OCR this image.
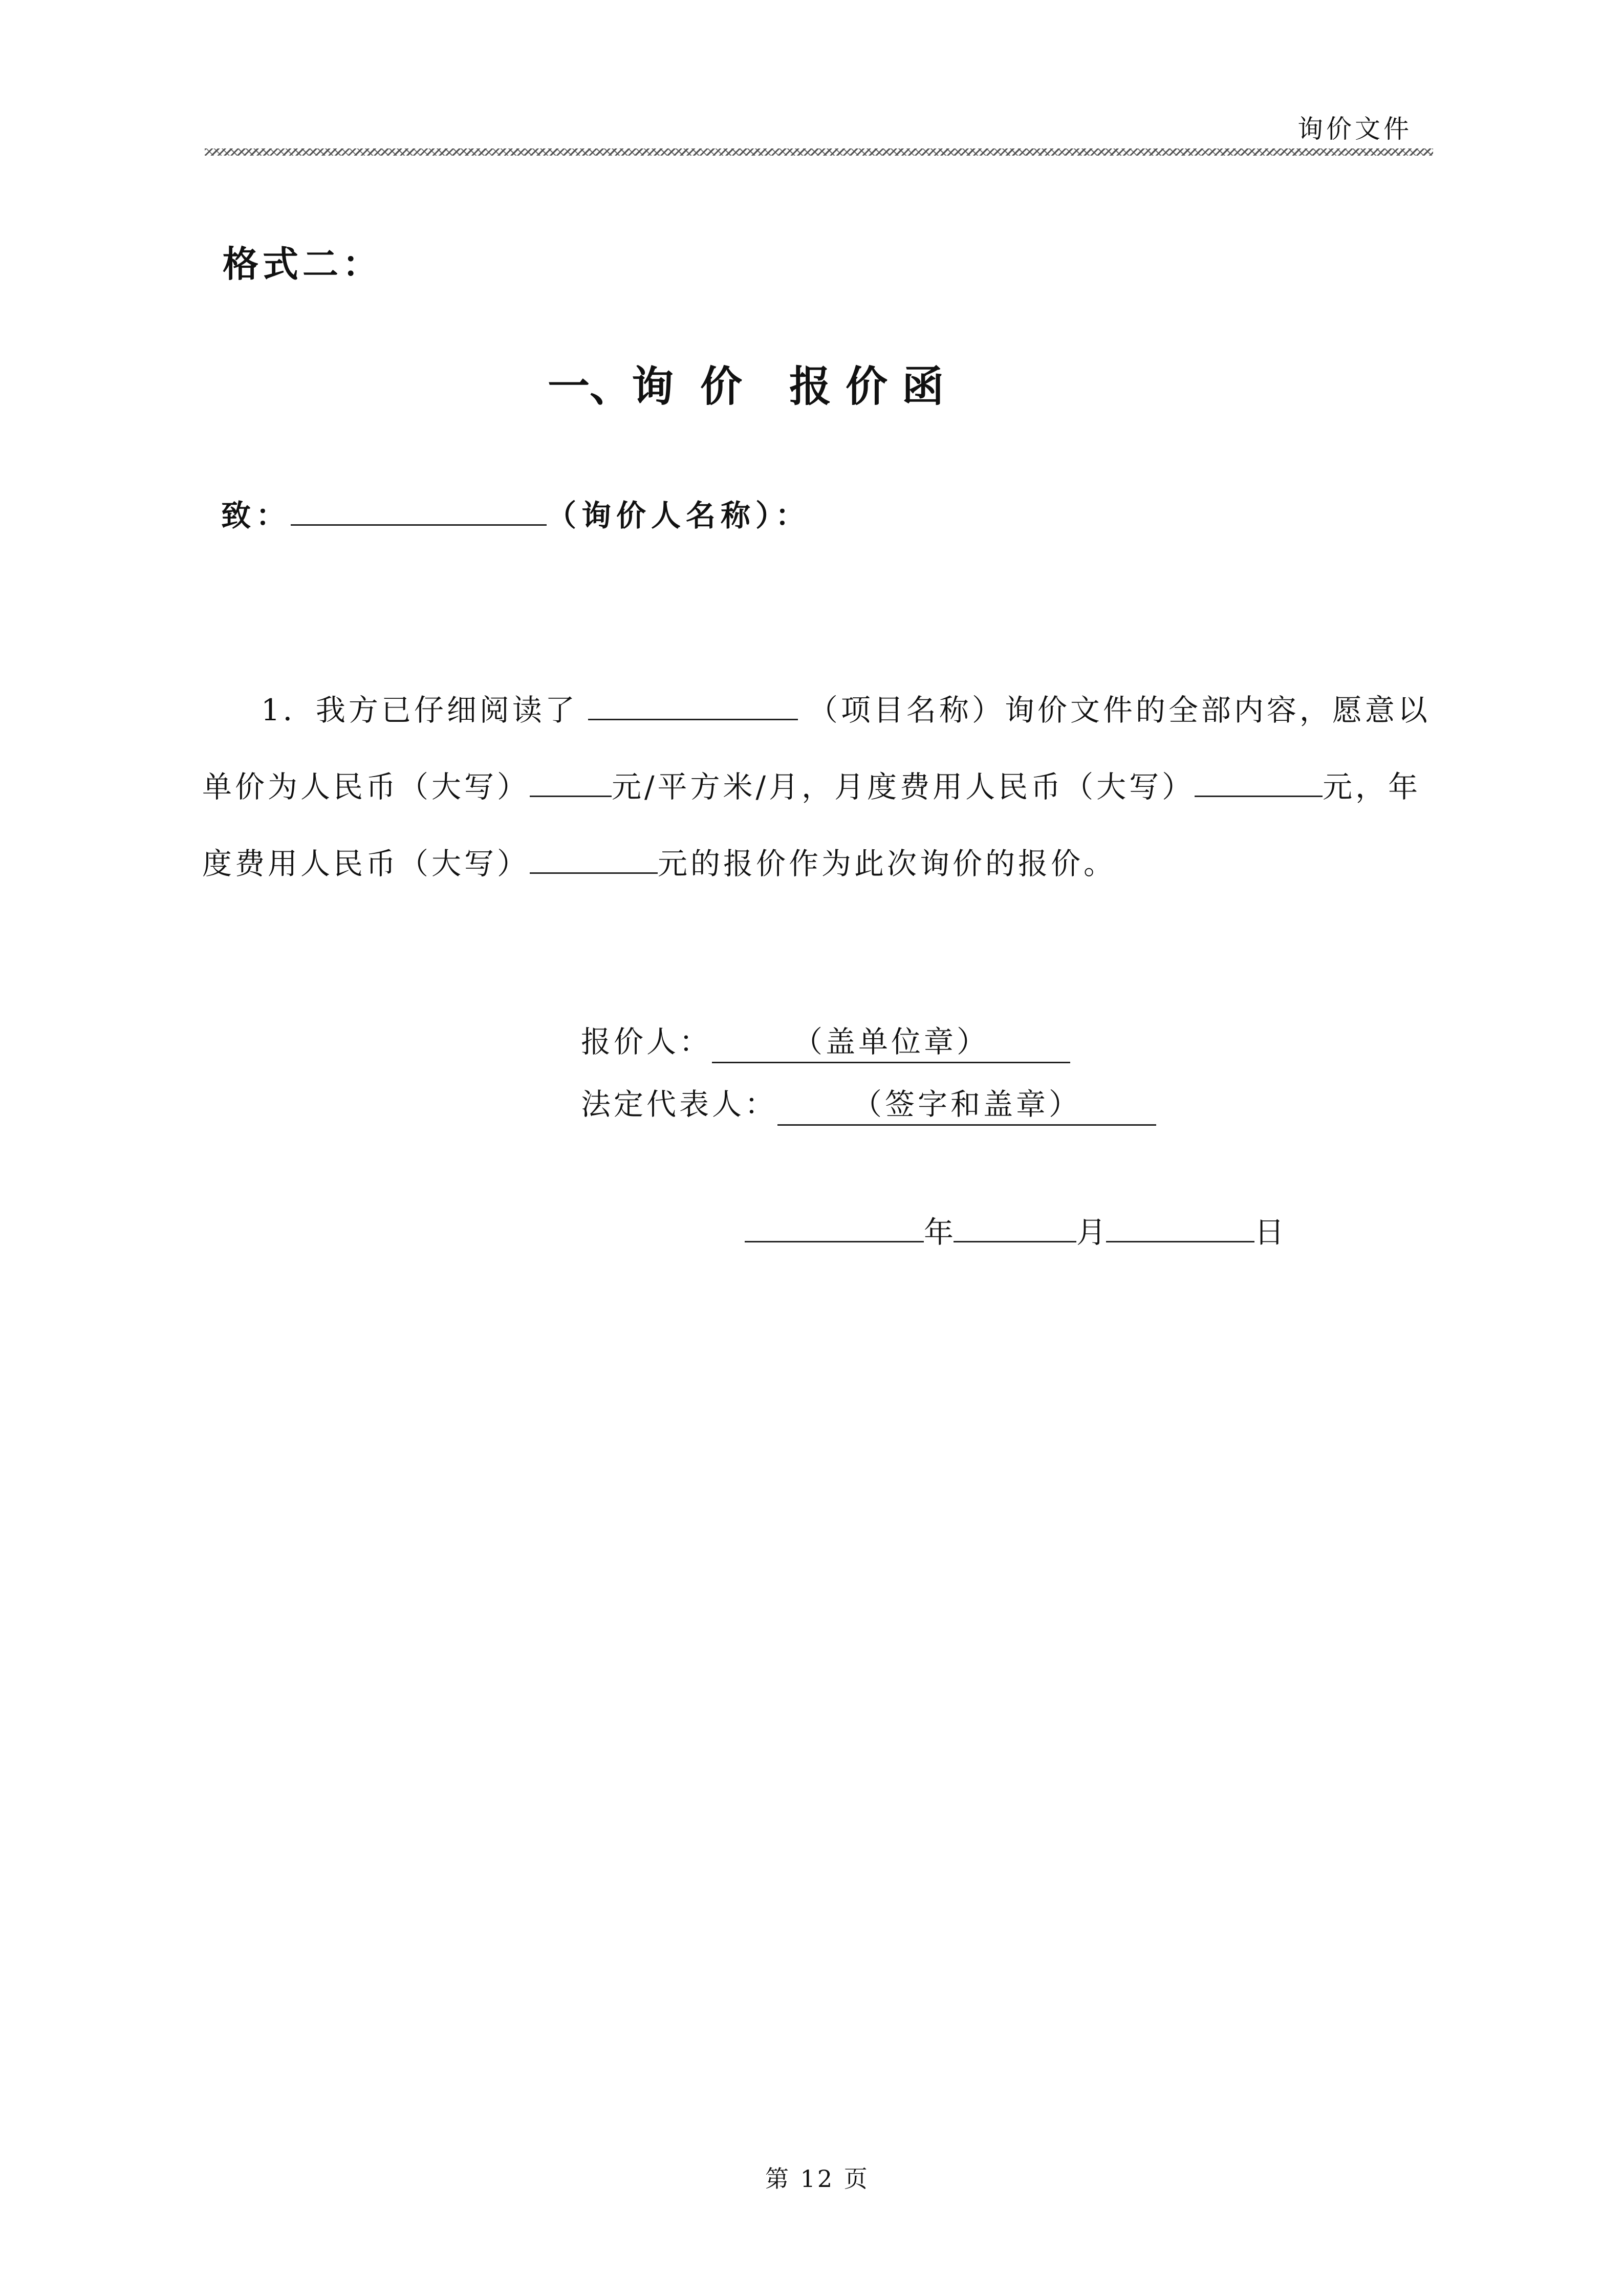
询价文件
格式二：
一、询 价 报 价 函
致：	（询价人名称）：
1．我方已仔细阅读了	（项目名称）询价文件的全部内容，愿意以
单价为人民币（大写）	元/平方米/月，月度费用人民币（大写）	元，年
度费用人民币（大写）	元的报价作为此次询价的报价。
报价人：	（盖单位章）
法定代表人：	（签字和盖章）
年	月	日
第 12 页
